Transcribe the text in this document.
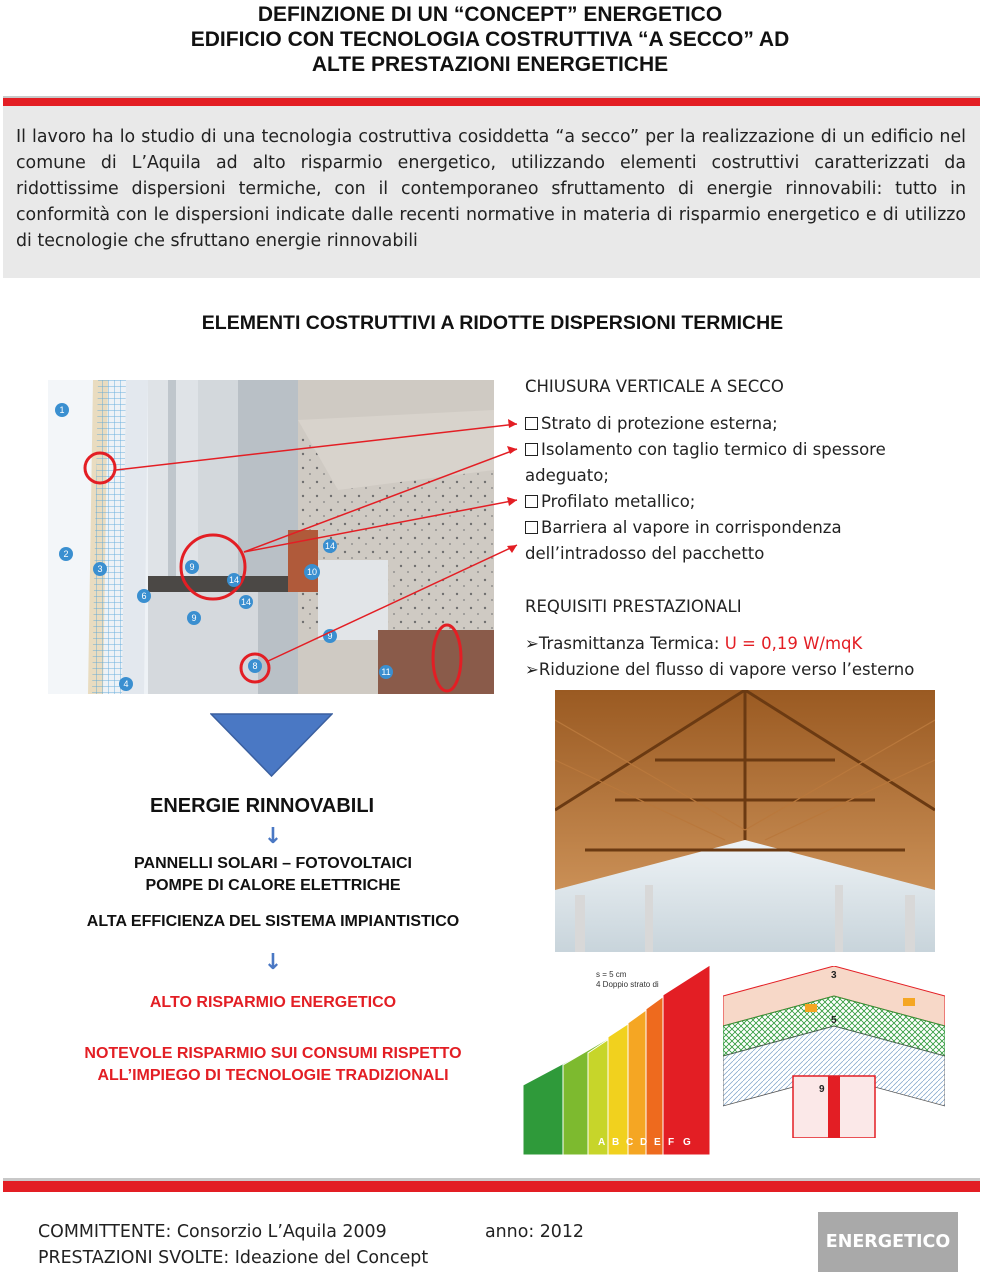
DEFINZIONE DI UN “CONCEPT” ENERGETICO
EDIFICIO CON TECNOLOGIA COSTRUTTIVA “A SECCO” AD
ALTE PRESTAZIONI ENERGETICHE
Il lavoro ha lo studio di una tecnologia costruttiva cosiddetta “a secco” per la realizzazione di un edificio nel comune di L’Aquila ad alto risparmio energetico, utilizzando elementi costruttivi caratterizzati da ridottissime dispersioni termiche, con il contemporaneo sfruttamento di energie rinnovabili: tutto in conformità con le dispersioni indicate dalle recenti normative in materia di risparmio energetico e di utilizzo di tecnologie che sfruttano energie rinnovabili
ELEMENTI COSTRUTTIVI A RIDOTTE DISPERSIONI TERMICHE
1
2
3
4
6
9
14
9
14
10
14
9
8
11
CHIUSURA VERTICALE A SECCO
Strato di protezione esterna;
Isolamento con taglio termico di spessore
adeguato;
Profilato metallico;
Barriera al vapore in corrispondenza
dell’intradosso del pacchetto
REQUISITI PRESTAZIONALI
➢Trasmittanza Termica: U = 0,19 W/mqK
➢Riduzione del flusso di vapore verso l’esterno
ENERGIE RINNOVABILI
↓
PANNELLI SOLARI – FOTOVOLTAICI
POMPE DI CALORE ELETTRICHE
ALTA EFFICIENZA DEL SISTEMA IMPIANTISTICO
↓
ALTO RISPARMIO ENERGETICO
NOTEVOLE RISPARMIO SUI CONSUMI RISPETTO
ALL’IMPIEGO DI TECNOLOGIE TRADIZIONALI
A B C D E F G
s = 5 cm
4 Doppio strato di
3
5
9
COMMITTENTE: Consorzio L’Aquila 2009	anno: 2012
PRESTAZIONI SVOLTE: Ideazione del Concept
ENERGETICO
